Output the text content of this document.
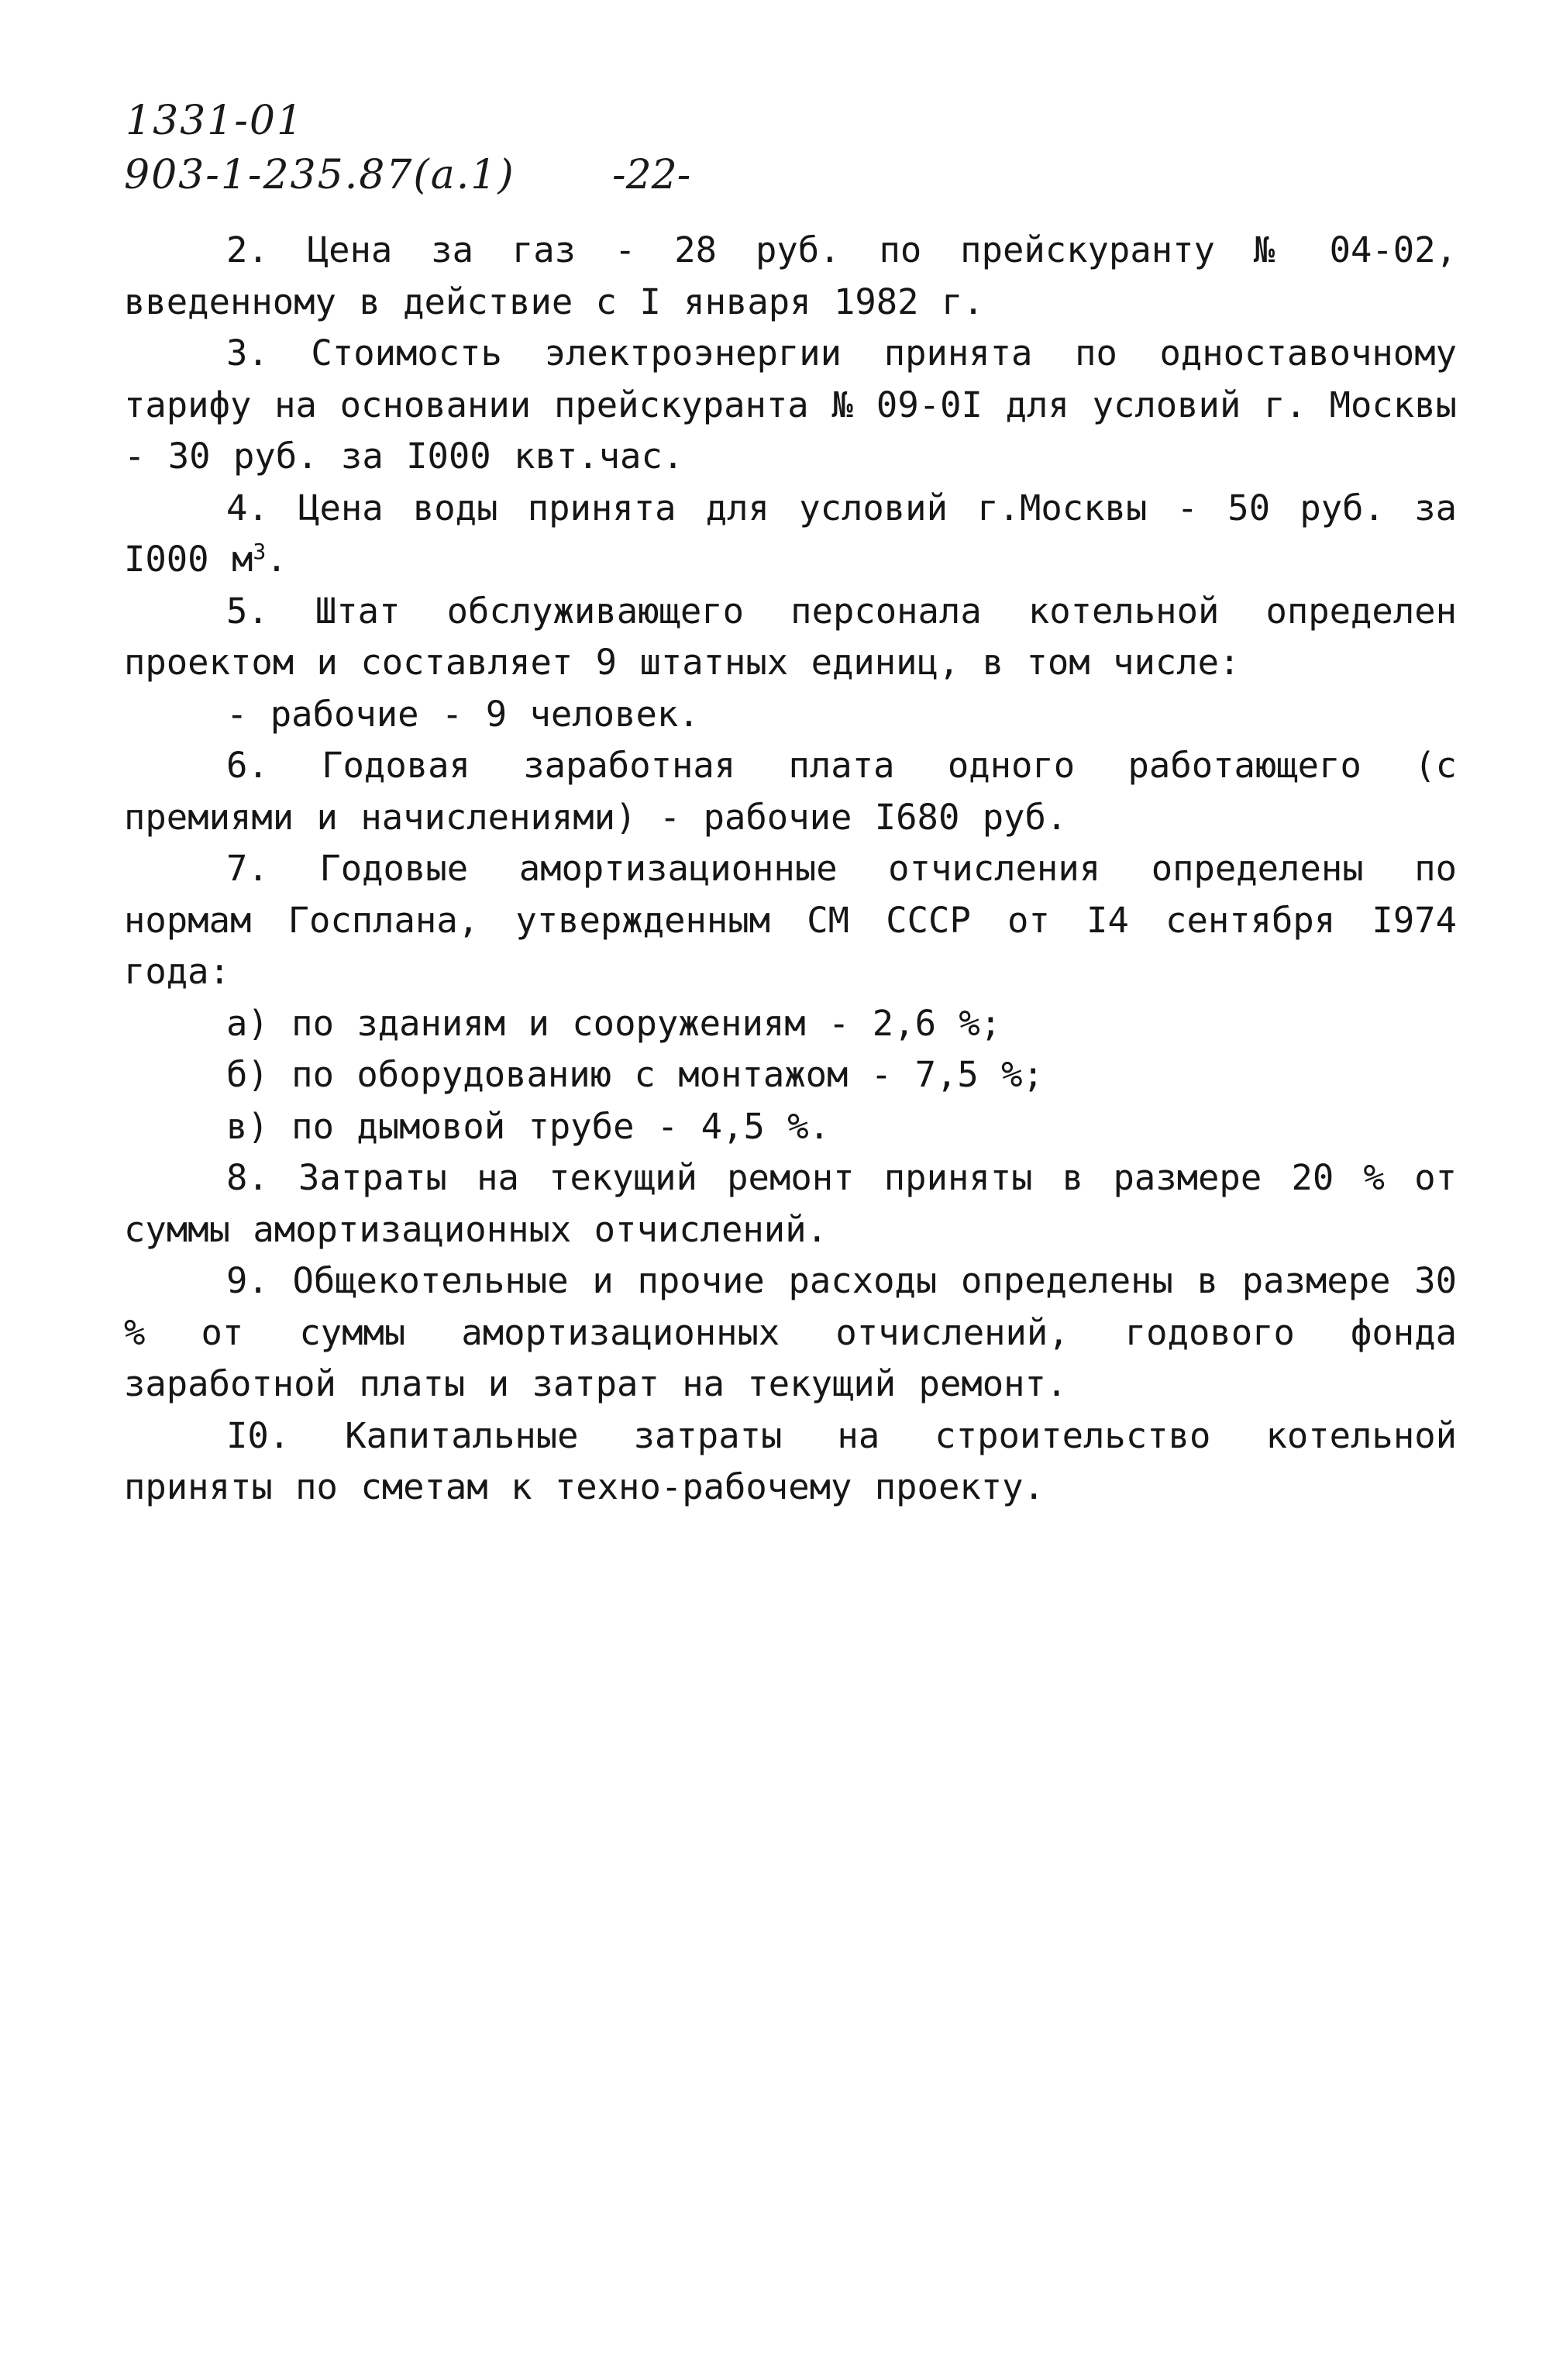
1331-01
903-1-235.87(а.1) -22-

2. Цена за газ - 28 руб. по прейскуранту № 04-02, введенному в действие с I января 1982 г.

3. Стоимость электроэнергии принята по одноставочному тарифу на основании прейскуранта № 09-0I для условий г. Москвы - 30 руб. за I000 квт.час.

4. Цена воды принята для условий г.Москвы - 50 руб. за I000 $м^3$.

5. Штат обслуживающего персонала котельной определен проектом и составляет 9 штатных единиц, в том числе:

- рабочие - 9 человек.

6. Годовая заработная плата одного работающего (с премиями и начислениями) - рабочие I680 руб.

7. Годовые амортизационные отчисления определены по нормам Госплана, утвержденным СМ СССР от I4 сентября I974 года:

а) по зданиям и сооружениям - 2,6 %;

б) по оборудованию с монтажом - 7,5 %;

в) по дымовой трубе - 4,5 %.

8. Затраты на текущий ремонт приняты в размере 20 % от суммы амортизационных отчислений.

9. Общекотельные и прочие расходы определены в размере 30 % от суммы амортизационных отчислений, годового фонда заработной платы и затрат на текущий ремонт.

I0. Капитальные затраты на строительство котельной приняты по сметам к техно-рабочему проекту.
